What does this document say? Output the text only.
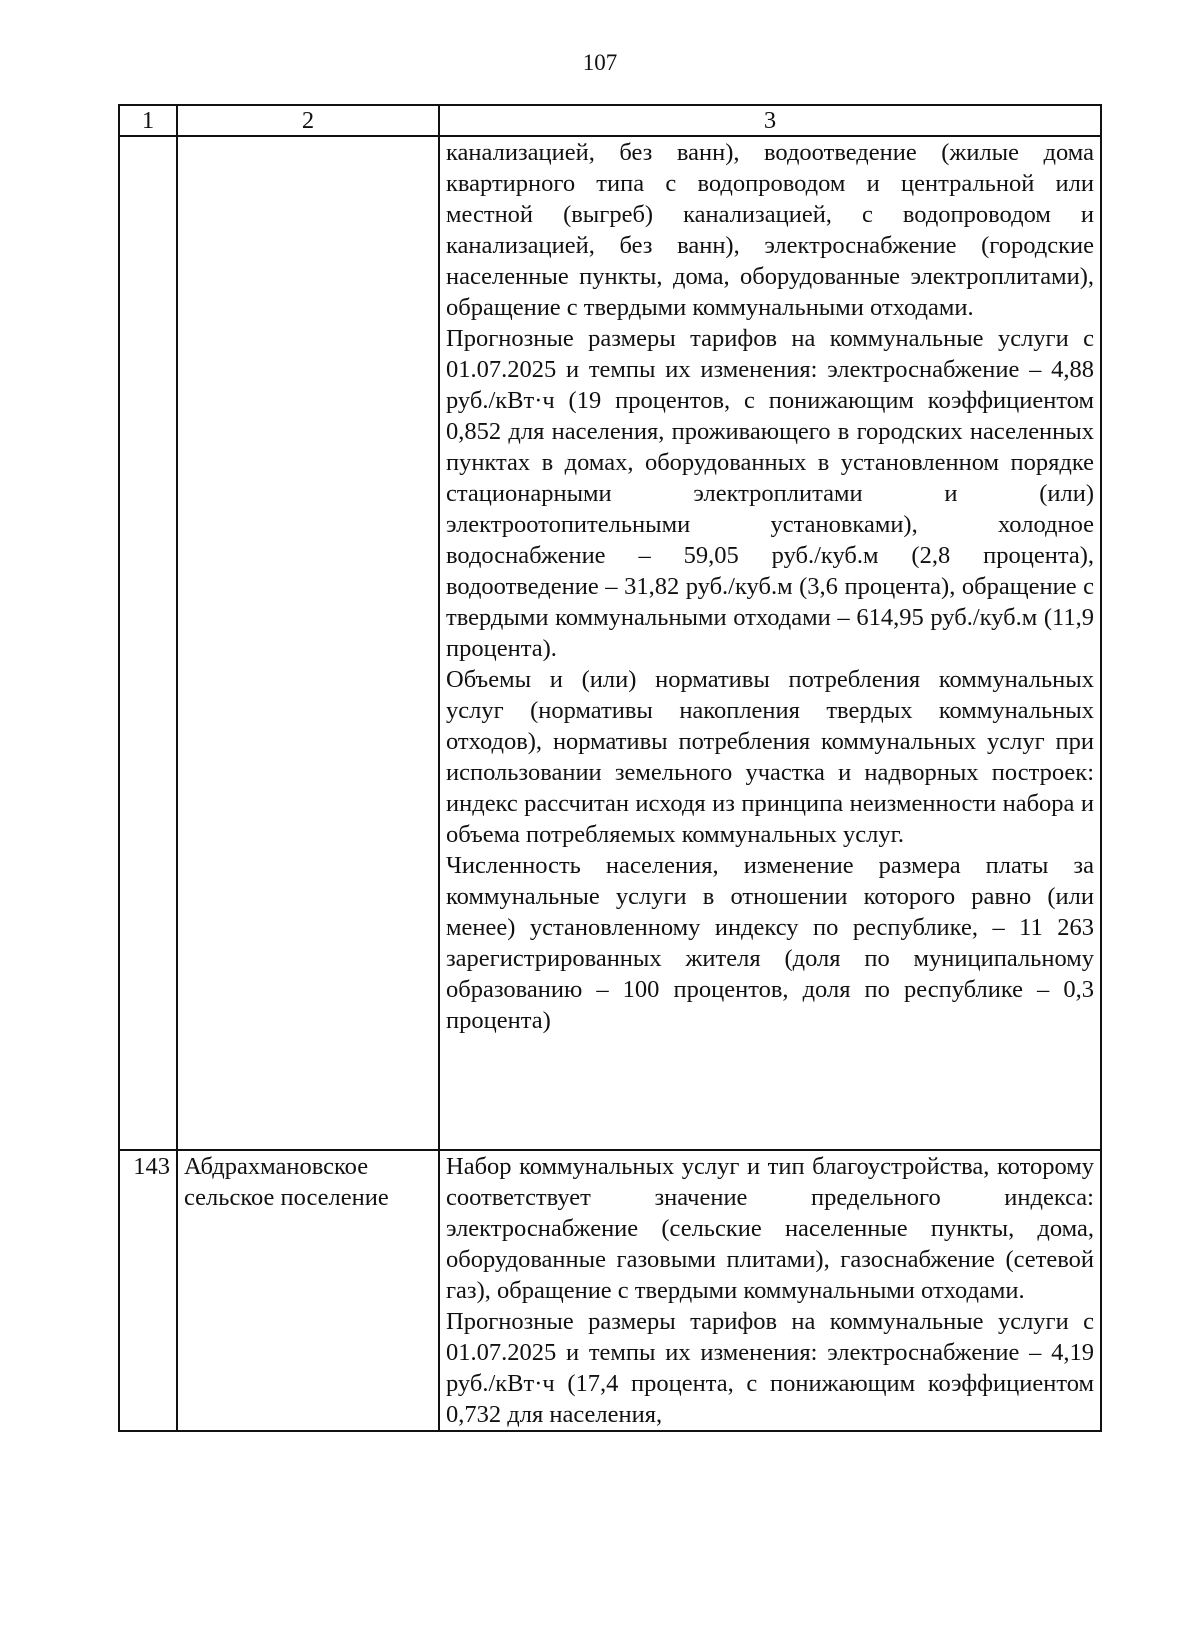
107
1	2	3

		канализацией, без ванн), водоотведение (жилые дома квартирного типа с водопроводом и центральной или местной (выгреб) канализацией, с водопроводом и канализацией, без ванн), электроснабжение (городские населенные пункты, дома, оборудованные электроплитами), обращение с твердыми коммунальными отходами.

Прогнозные размеры тарифов на коммунальные услуги с 01.07.2025 и темпы их изменения: электроснабжение – 4,88 руб./кВт·ч (19 процентов, с понижающим коэффициентом 0,852 для населения, проживающего в городских населенных пунктах в домах, оборудованных в установленном порядке стационарными электроплитами и (или) электроотопительными установками), холодное водоснабжение – 59,05 руб./куб.м (2,8 процента), водоотведение – 31,82 руб./куб.м (3,6 процента), обращение с твердыми коммунальными отходами – 614,95 руб./куб.м (11,9 процента).

Объемы и (или) нормативы потребления коммунальных услуг (нормативы накопления твердых коммунальных отходов), нормативы потребления коммунальных услуг при использовании земельного участка и надворных построек: индекс рассчитан исходя из принципа неизменности набора и объема потребляемых коммунальных услуг.

Численность населения, изменение размера платы за коммунальные услуги в отношении которого равно (или менее) установленному индексу по республике, – 11 263 зарегистрированных жителя (доля по муниципальному образованию – 100 процентов, доля по республике – 0,3 процента)

143	Абдрахмановское сельское поселение	Набор коммунальных услуг и тип благоустройства, которому соответствует значение предельного индекса: электроснабжение (сельские населенные пункты, дома, оборудованные газовыми плитами), газоснабжение (сетевой газ), обращение с твердыми коммунальными отходами.

Прогнозные размеры тарифов на коммунальные услуги с 01.07.2025 и темпы их изменения: электроснабжение – 4,19 руб./кВт·ч (17,4 процента, с понижающим коэффициентом 0,732 для населения,
